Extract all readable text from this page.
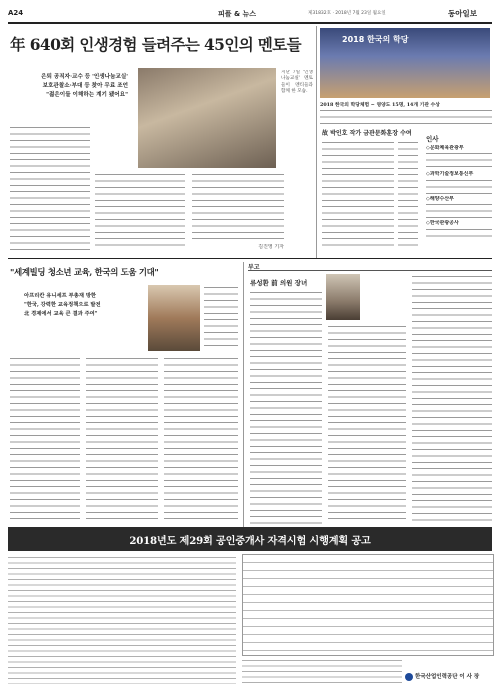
A24	피플 & 뉴스	제31832호 · 2018년 7월 23일 월요일	동아일보
年 640회 인생경험 들려주는 45인의 멘토들
은퇴 공직자·교수 등 '인생나눔교실'
보호관찰소·부대 등 찾아 무료 조언
"젊은이들 이해하는 계기 됐어요"
지난 7일 '인생나눔교실' 멘토들이 멘티들과 함께 한 모습.
김진영 기자
2018 한국의 학당
2018 한국의 학당체험 ~ 영양도 15명, 14개 기관 수상
故 박인호 작가 금관문화훈장 수여
인사
◇문화체육관광부
◇과학기술정보통신부
◇해양수산부
◇한국관광공사
"세계빌딩 청소년 교육, 한국의 도움 기대"
아프리칸 유니세프 부총재 방한
"한국, 강력한 교육정책으로 발전
北 경제에서 교육 큰 결과 주여"
부고
류성환 前 의원 장녀
2018년도 제29회 공인중개사 자격시험 시행계획 공고
한국산업인력공단 이 사 장
